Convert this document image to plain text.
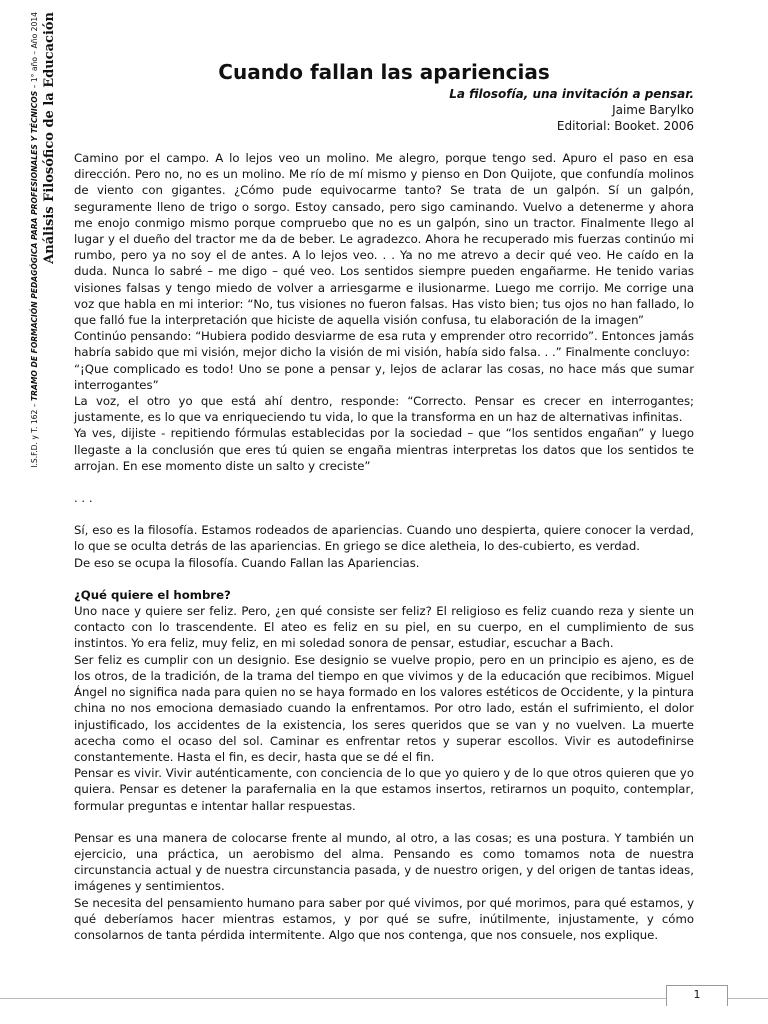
I.S.F.D. y T. 162 – TRAMO DE FORMACIÓN PEDAGÓGICA PARA PROFESIONALES Y TÉCNICOS – 1° año – Año 2014 Análisis Filosófico de la Educación	Cuando fallan las apariencias
La filosofía, una invitación a pensar.
Jaime Barylko
Editorial: Booket. 2006

Camino por el campo. A lo lejos veo un molino. Me alegro, porque tengo sed. Apuro el paso en esa dirección. Pero no, no es un molino. Me río de mí mismo y pienso en Don Quijote, que confundía molinos de viento con gigantes. ¿Cómo pude equivocarme tanto? Se trata de un galpón. Sí un galpón, seguramente lleno de trigo o sorgo. Estoy cansado, pero sigo caminando. Vuelvo a detenerme y ahora me enojo conmigo mismo porque compruebo que no es un galpón, sino un tractor. Finalmente llego al lugar y el dueño del tractor me da de beber. Le agradezco. Ahora he recuperado mis fuerzas continúo mi rumbo, pero ya no soy el de antes. A lo lejos veo. . . Ya no me atrevo a decir qué veo. He caído en la duda. Nunca lo sabré – me digo – qué veo. Los sentidos siempre pueden engañarme. He tenido varias visiones falsas y tengo miedo de volver a arriesgarme e ilusionarme. Luego me corrijo. Me corrige una voz que habla en mi interior: “No, tus visiones no fueron falsas. Has visto bien; tus ojos no han fallado, lo que falló fue la interpretación que hiciste de aquella visión confusa, tu elaboración de la imagen”

Continúo pensando: “Hubiera podido desviarme de esa ruta y emprender otro recorrido”. Entonces jamás habría sabido que mi visión, mejor dicho la visión de mi visión, había sido falsa. . .” Finalmente concluyo:

“¡Que complicado es todo! Uno se pone a pensar y, lejos de aclarar las cosas, no hace más que sumar interrogantes”

La voz, el otro yo que está ahí dentro, responde: “Correcto. Pensar es crecer en interrogantes; justamente, es lo que va enriqueciendo tu vida, lo que la transforma en un haz de alternativas infinitas.

Ya ves, dijiste - repitiendo fórmulas establecidas por la sociedad – que “los sentidos engañan” y luego llegaste a la conclusión que eres tú quien se engaña mientras interpretas los datos que los sentidos te arrojan. En ese momento diste un salto y creciste”

. . .

Sí, eso es la filosofía. Estamos rodeados de apariencias. Cuando uno despierta, quiere conocer la verdad, lo que se oculta detrás de las apariencias. En griego se dice aletheia, lo des-cubierto, es verdad.

De eso se ocupa la filosofía. Cuando Fallan las Apariencias.

¿Qué quiere el hombre?

Uno nace y quiere ser feliz. Pero, ¿en qué consiste ser feliz? El religioso es feliz cuando reza y siente un contacto con lo trascendente. El ateo es feliz en su piel, en su cuerpo, en el cumplimiento de sus instintos. Yo era feliz, muy feliz, en mi soledad sonora de pensar, estudiar, escuchar a Bach.

Ser feliz es cumplir con un designio. Ese designio se vuelve propio, pero en un principio es ajeno, es de los otros, de la tradición, de la trama del tiempo en que vivimos y de la educación que recibimos. Miguel Ángel no significa nada para quien no se haya formado en los valores estéticos de Occidente, y la pintura china no nos emociona demasiado cuando la enfrentamos. Por otro lado, están el sufrimiento, el dolor injustificado, los accidentes de la existencia, los seres queridos que se van y no vuelven. La muerte acecha como el ocaso del sol. Caminar es enfrentar retos y superar escollos. Vivir es autodefinirse constantemente. Hasta el fin, es decir, hasta que se dé el fin.

Pensar es vivir. Vivir auténticamente, con conciencia de lo que yo quiero y de lo que otros quieren que yo quiera. Pensar es detener la parafernalia en la que estamos insertos, retirarnos un poquito, contemplar, formular preguntas e intentar hallar respuestas.

Pensar es una manera de colocarse frente al mundo, al otro, a las cosas; es una postura. Y también un ejercicio, una práctica, un aerobismo del alma. Pensando es como tomamos nota de nuestra circunstancia actual y de nuestra circunstancia pasada, y de nuestro origen, y del origen de tantas ideas, imágenes y sentimientos.

Se necesita del pensamiento humano para saber por qué vivimos, por qué morimos, para qué estamos, y qué deberíamos hacer mientras estamos, y por qué se sufre, inútilmente, injustamente, y cómo consolarnos de tanta pérdida intermitente. Algo que nos contenga, que nos consuele, nos explique.

1
